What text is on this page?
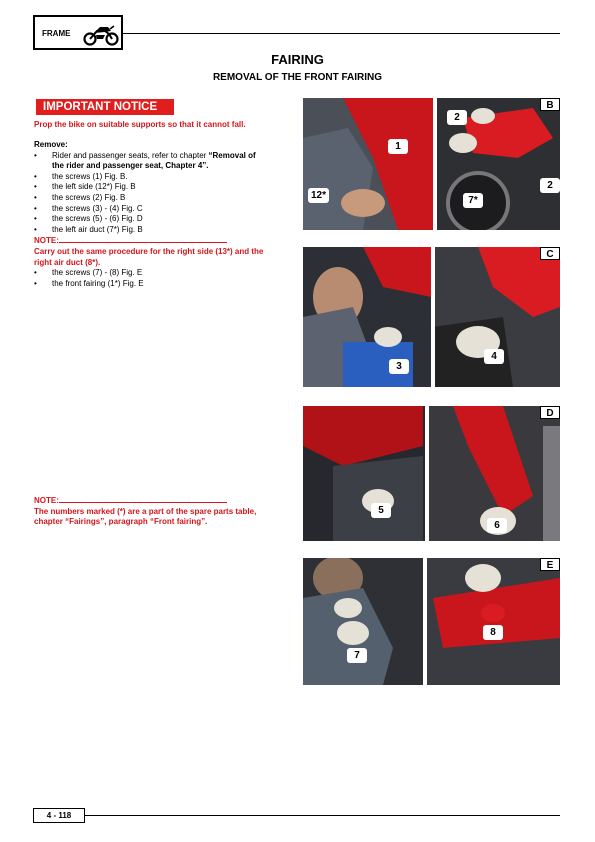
FRAME
FAIRING
REMOVAL OF THE FRONT FAIRING
IMPORTANT NOTICE
Prop the bike on suitable supports so that it cannot fall.
Remove:
• Rider and passenger seats, refer to chapter “Removal of
the rider and passenger seat, Chapter 4”.
• the screws (1) Fig. B.
• the left side (12*) Fig. B
• the screws (2) Fig. B
• the screws (3) - (4) Fig. C
• the screws (5) - (6) Fig. D
• the left air duct (7*) Fig. B
NOTE:
Carry out the same procedure for the right side (13*) and the
right air duct (8*).
• the screws (7) - (8) Fig. E
• the front fairing (1*) Fig. E
NOTE:
The numbers marked (*) are a part of the spare parts table,
chapter “Fairings”, paragraph “Front fairing”.
1
12*
2
7*
2
B
3
4
C
5
6
D
7
8
E
4 - 118
